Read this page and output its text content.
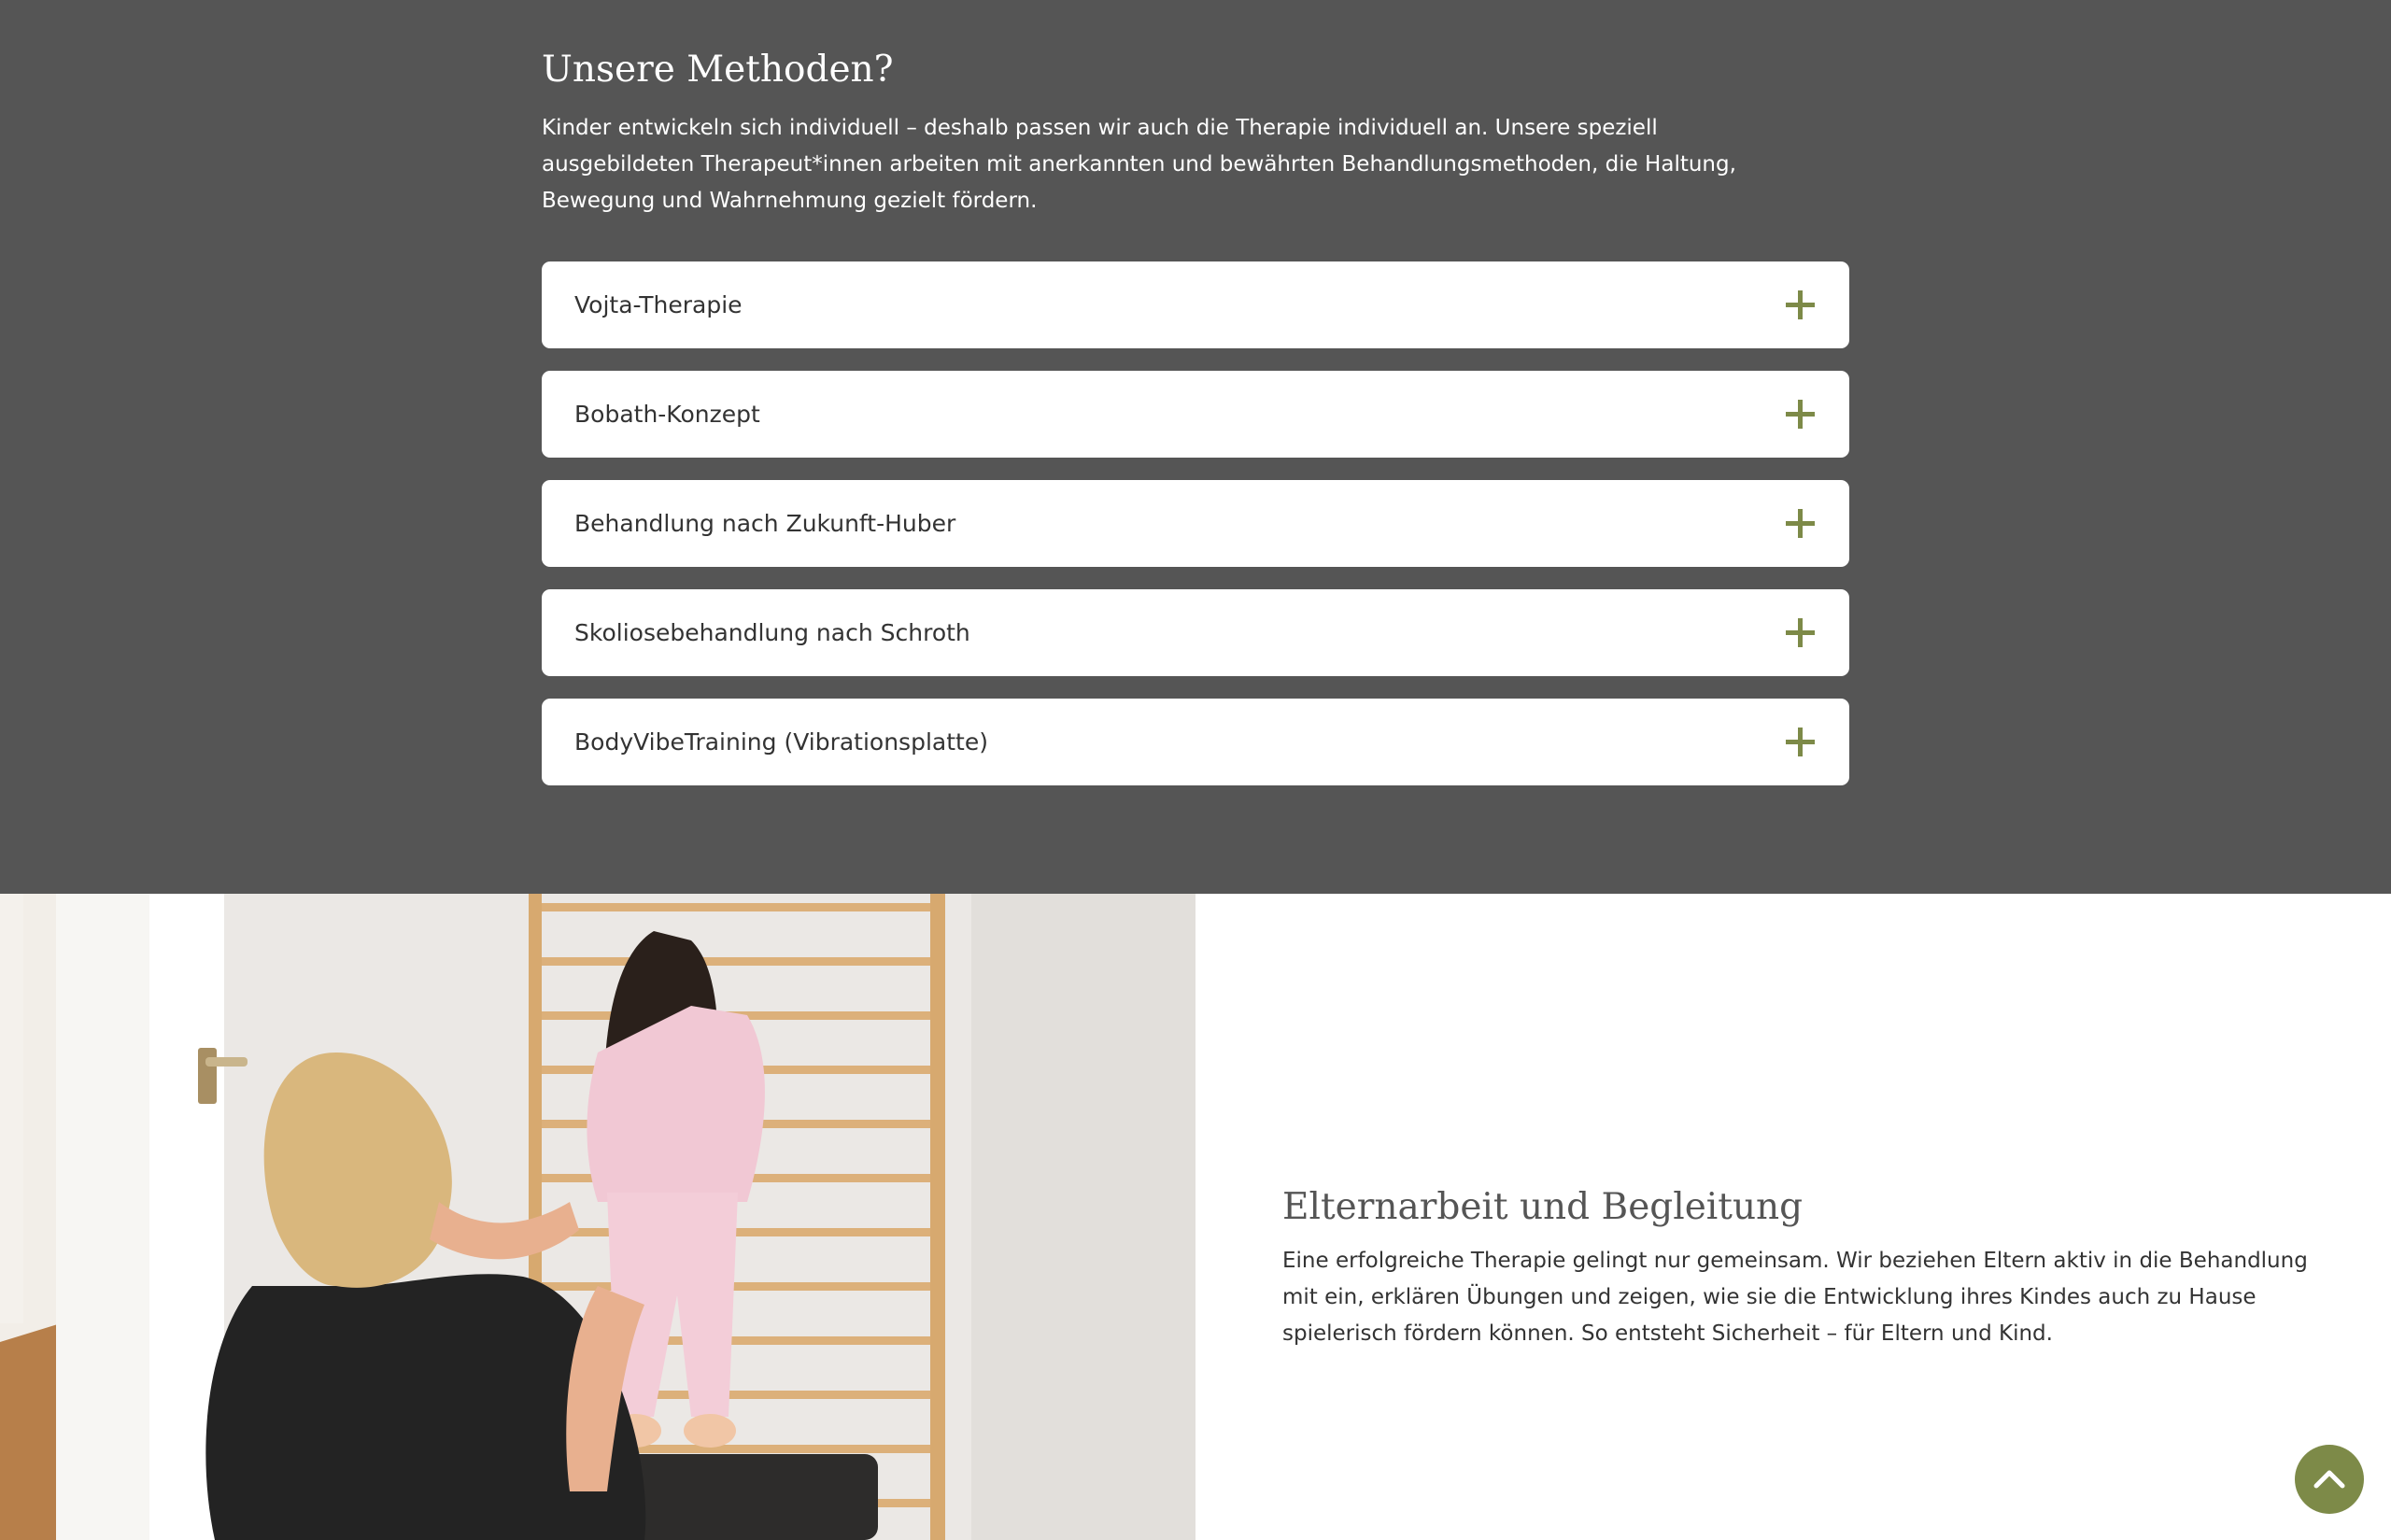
Unsere Methoden?

Kinder entwickeln sich individuell – deshalb passen wir auch die Therapie individuell an. Unsere speziell ausgebildeten Therapeut*innen arbeiten mit anerkannten und bewährten Behandlungsmethoden, die Haltung, Bewegung und Wahrnehmung gezielt fördern.

Vojta-Therapie
Bobath-Konzept
Behandlung nach Zukunft-Huber
Skoliosebehandlung nach Schroth
BodyVibeTraining (Vibrationsplatte)
Elternarbeit und Begleitung

Eine erfolgreiche Therapie gelingt nur gemeinsam. Wir beziehen Eltern aktiv in die Behandlung mit ein, erklären Übungen und zeigen, wie sie die Entwicklung ihres Kindes auch zu Hause spielerisch fördern können. So entsteht Sicherheit – für Eltern und Kind.
